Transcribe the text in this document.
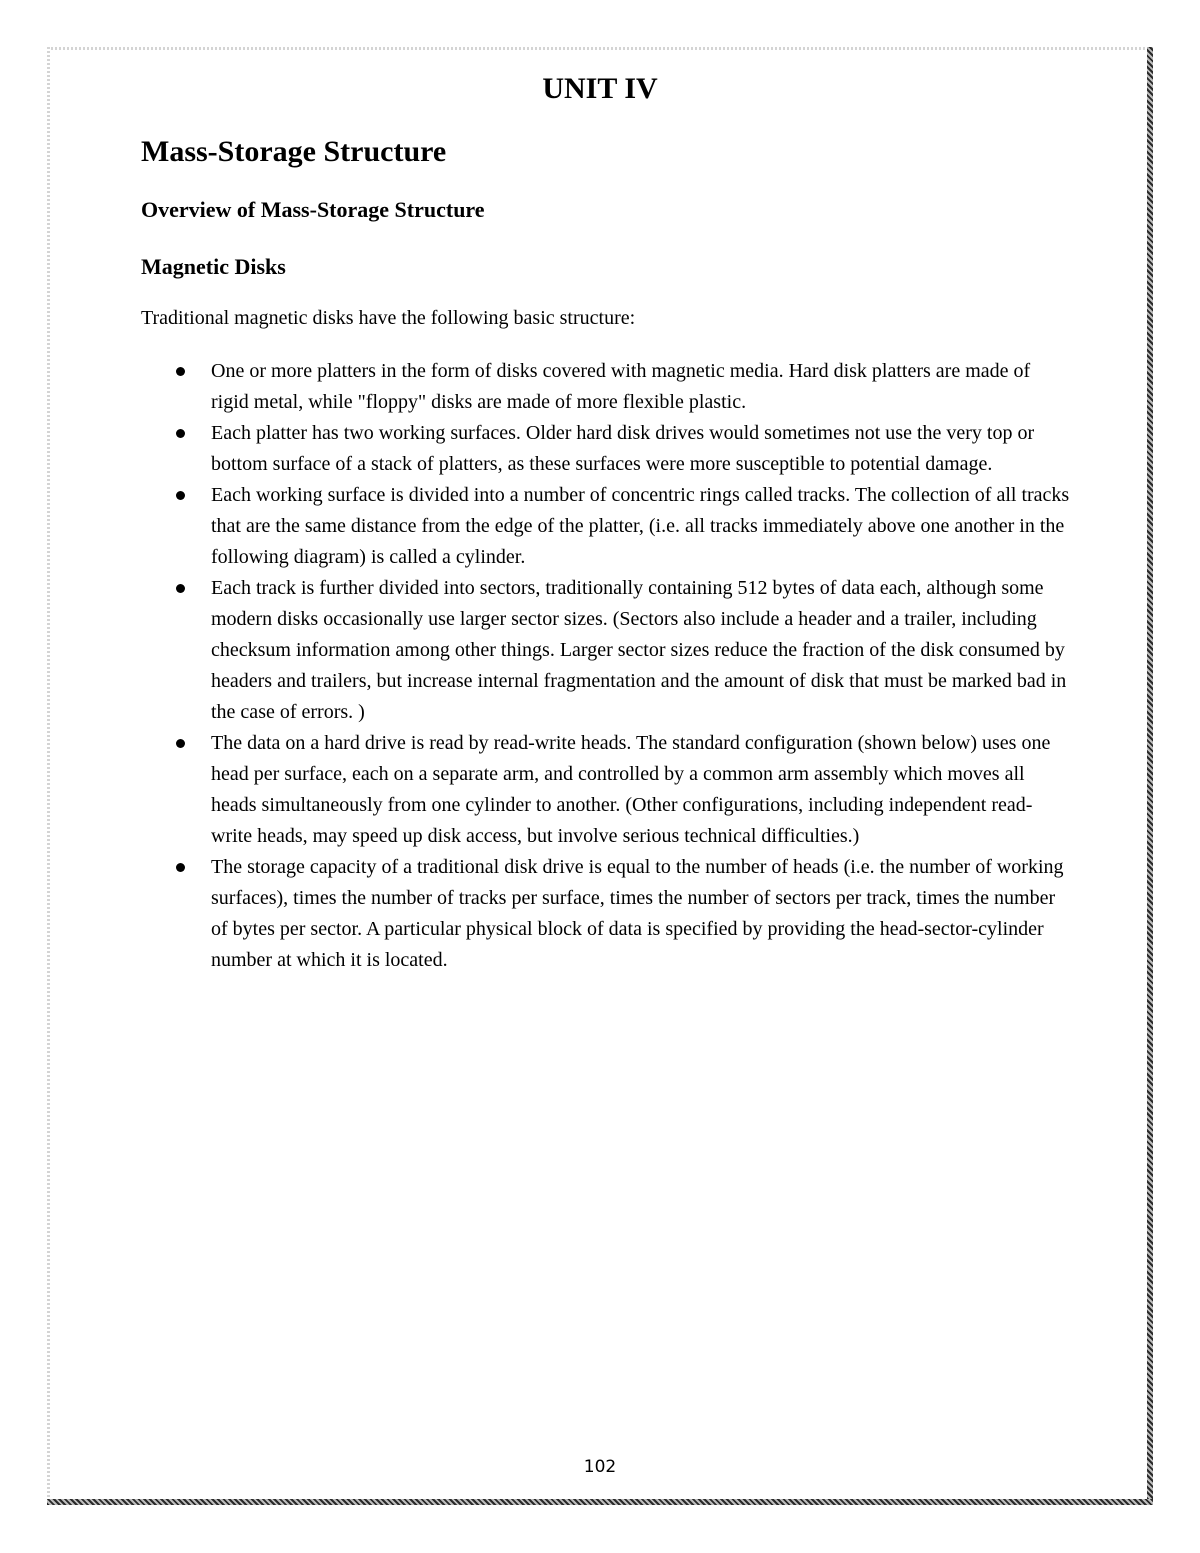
UNIT IV
Mass-Storage Structure
Overview of Mass-Storage Structure
Magnetic Disks
Traditional magnetic disks have the following basic structure:
One or more platters in the form of disks covered with magnetic media. Hard disk platters are made of rigid metal, while "floppy" disks are made of more flexible plastic.
Each platter has two working surfaces. Older hard disk drives would sometimes not use the very top or bottom surface of a stack of platters, as these surfaces were more susceptible to potential damage.
Each working surface is divided into a number of concentric rings called tracks. The collection of all tracks that are the same distance from the edge of the platter, (i.e. all tracks immediately above one another in the following diagram) is called a cylinder.
Each track is further divided into sectors, traditionally containing 512 bytes of data each, although some modern disks occasionally use larger sector sizes. (Sectors also include a header and a trailer, including checksum information among other things. Larger sector sizes reduce the fraction of the disk consumed by headers and trailers, but increase internal fragmentation and the amount of disk that must be marked bad in the case of errors. )
The data on a hard drive is read by read-write heads. The standard configuration (shown below) uses one head per surface, each on a separate arm, and controlled by a common arm assembly which moves all heads simultaneously from one cylinder to another. (Other configurations, including independent read-write heads, may speed up disk access, but involve serious technical difficulties.)
The storage capacity of a traditional disk drive is equal to the number of heads (i.e. the number of working surfaces), times the number of tracks per surface, times the number of sectors per track, times the number of bytes per sector. A particular physical block of data is specified by providing the head-sector-cylinder number at which it is located.
102
